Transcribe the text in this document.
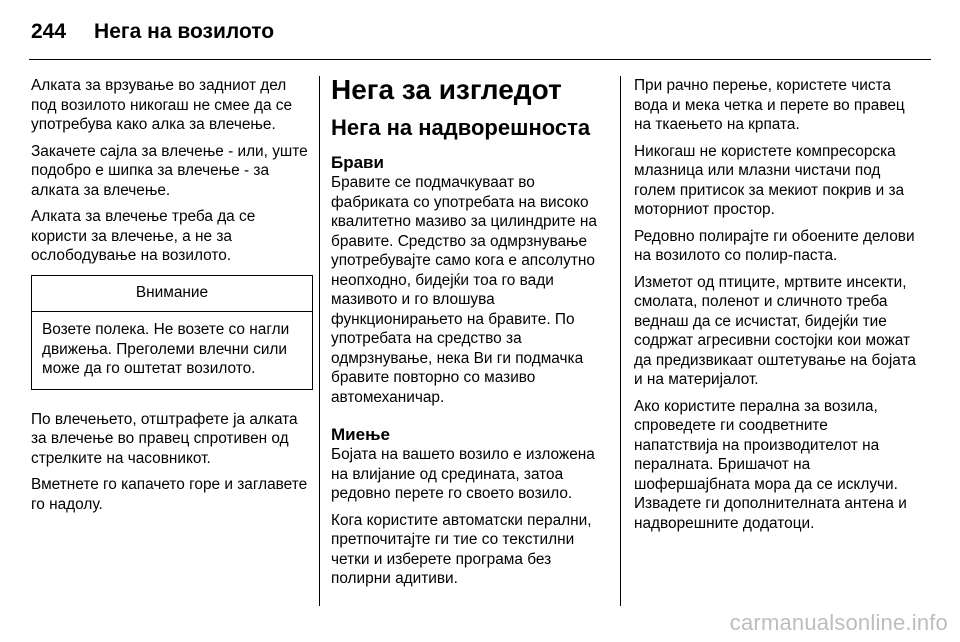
244 Нега на возилото

Алката за врзување во задниот дел под возилото никогаш не смее да се употребува како алка за влечење.

Закачете сајла за влечење - или, уште подобро е шипка за влечење - за алката за влечење.

Алката за влечење треба да се користи за влечење, а не за ослободување на возилото.

Внимание
Возете полека. Не возете со нагли движења. Преголеми влечни сили може да го оштетат возилото.

По влечењето, отштрафете ја алката за влечење во правец спротивен од стрелките на часовникот.

Вметнете го капачето горе и заглавете го надолу.

Нега за изгледот
Нега на надворешноста
Брави

Бравите се подмачкуваат во фабриката со употребата на високо квалитетно мазиво за цилиндрите на бравите. Средство за одмрзнување употребувајте само кога е апсолутно неопходно, бидејќи тоа го вади мазивото и го влошува функционирањето на бравите. По употребата на средство за одмрзнување, нека Ви ги подмачка бравите повторно со мазиво автомеханичар.

Миење

Бојата на вашето возило е изложена на влијание од средината, затоа редовно перете го своето возило.

Кога користите автоматски перални, претпочитајте ги тие со текстилни четки и изберете програма без полирни адитиви.

При рачно перење, користете чиста вода и мека четка и перете во правец на ткаењето на крпата.

Никогаш не користете компресорска млазница или млазни чистачи под голем притисок за мекиот покрив и за моторниот простор.

Редовно полирајте ги обоените делови на возилото со полир-паста.

Изметот од птиците, мртвите инсекти, смолата, поленот и сличното треба веднаш да се исчистат, бидејќи тие содржат агресивни состојки кои можат да предизвикаат оштетување на бојата и на материјалот.

Ако користите перална за возила, спроведете ги соодветните напатствија на производителот на пералната. Бришачот на шофершајбната мора да се исклучи. Извадете ги дополнителната антена и надворешните додатоци.

carmanualsonline.info
